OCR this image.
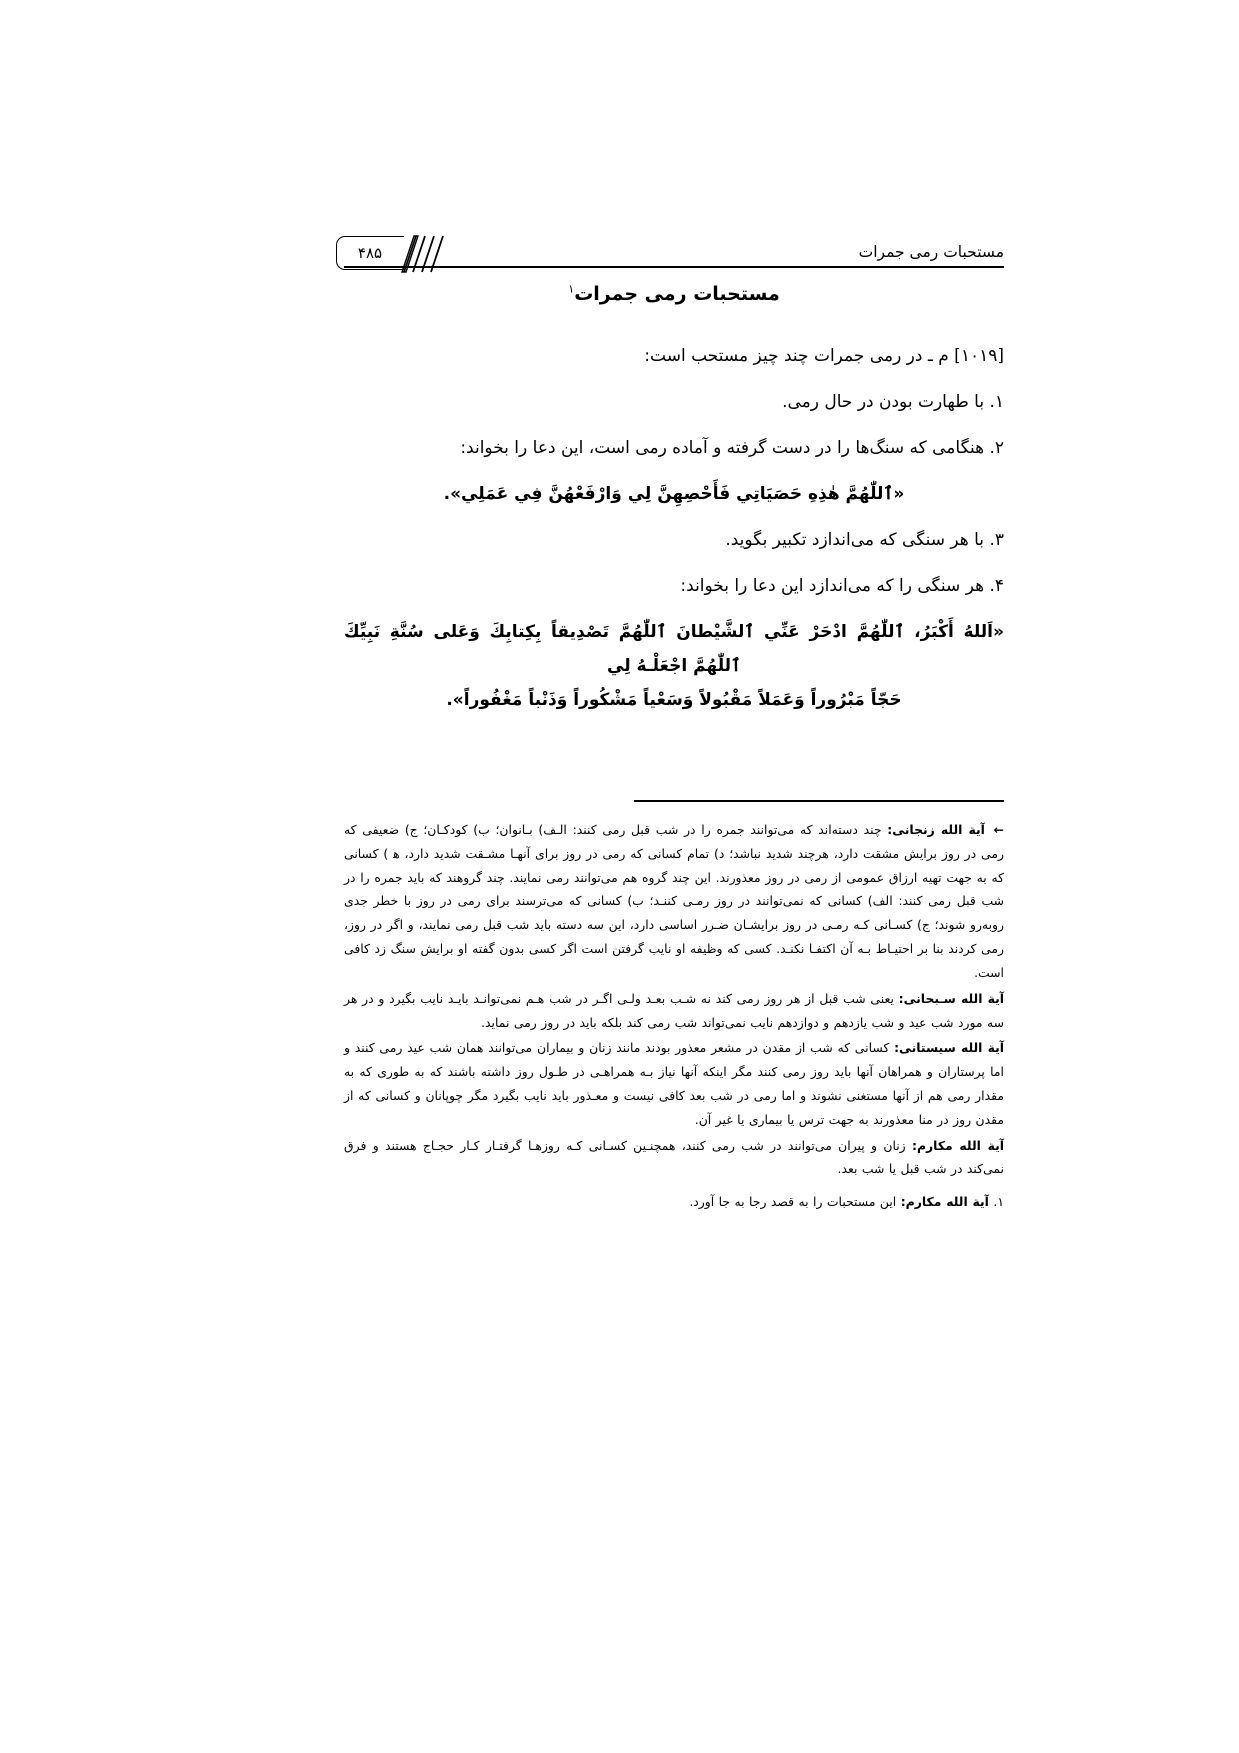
مستحبات رمی جمرات
۴۸۵
مستحبات رمی جمرات$^۱$

[۱۰۱۹] م ـ در رمی جمرات چند چیز مستحب است:

۱. با طهارت بودن در حال رمی.

۲. هنگامی که سنگ‌ها را در دست گرفته و آماده رمی است، این دعا را بخواند:

«ٱللّٰهُمَّ هٰذِهِ حَصَيَاتِي فَأَحْصِهِنَّ لِي وَارْفَعْهُنَّ فِي عَمَلِي».

۳. با هر سنگی که می‌اندازد تکبیر بگوید.

۴. هر سنگی را که می‌اندازد این دعا را بخواند:

«اَللهُ أَكْبَرُ، ٱللّٰهُمَّ ادْحَرْ عَنِّي ٱلشَّيْطانَ ٱللّٰهُمَّ تَصْدِيقاً بِكِتابِكَ وَعَلى سُنَّةِ نَبِيِّكَ ٱللّٰهُمَّ اجْعَلْـهُ لِي
حَجّاً مَبْرُوراً وَعَمَلاً مَقْبُولاً وَسَعْياً مَشْكُوراً وَذَنْباً مَغْفُوراً».

← آیة الله زنجانی: چند دسته‌اند که می‌توانند جمره را در شب قبل رمی کنند: الـف) بـانوان؛ ب) کودکـان؛ ج) ضعیفی که رمی در روز برایش مشقت دارد، هرچند شدید نباشد؛ د) تمام کسانی که رمی در روز برای آنهـا مشـقت شدید دارد، ه‍ ) کسانی که به جهت تهیه ارزاق عمومی از رمی در روز معذورند. این چند گروه هم می‌توانند رمی نمایند. چند گروهند که باید جمره را در شب قبل رمی کنند: الف) کسانی که نمی‌توانند در روز رمـی کننـد؛ ب) کسانی که می‌ترسند برای رمی در روز با خطر جدی روبه‌رو شوند؛ ج) کسـانی کـه رمـی در روز برایشـان ضـرر اساسی دارد، این سه دسته باید شب قبل رمی نمایند، و اگر در روز، رمی کردند بنا بر احتیـاط بـه آن اکتفـا نکنـد. کسی که وظیفه او نایب گرفتن است اگر کسی بدون گفته او برایش سنگ زد کافی است.

آیة الله سـبحانی: یعنی شب قبل از هر روز رمی کند نه شـب بعـد ولـی اگـر در شب هـم نمی‌توانـد بایـد نایب بگیرد و در هر سه مورد شب عید و شب یازدهم و دوازدهم نایب نمی‌تواند شب رمی کند بلکه باید در روز رمی نماید.

آیة الله سیستانی: کسانی که شب از مقدن در مشعر معذور بودند مانند زنان و بیماران می‌توانند همان شب عید رمی کنند و اما پرستاران و همراهان آنها باید روز رمی کنند مگر اینکه آنها نیاز بـه همراهـی در طـول روز داشته باشند که به طوری که به مقدار رمی هم از آنها مستغنی نشوند و اما رمی در شب بعد کافی نیست و معـذور باید نایب بگیرد مگر چوپانان و کسانی که از مقدن روز در منا معذورند به جهت ترس یا بیماری یا غیر آن.

آیة الله مکارم: زنان و پیران می‌توانند در شب رمی کنند، همچنـین کسـانی کـه روزهـا گرفتـار کـار حجـاج هستند و فرق نمی‌کند در شب قبل یا شب بعد.

۱. آیة الله مکارم: این مستحبات را به قصد رجا به جا آورد.
